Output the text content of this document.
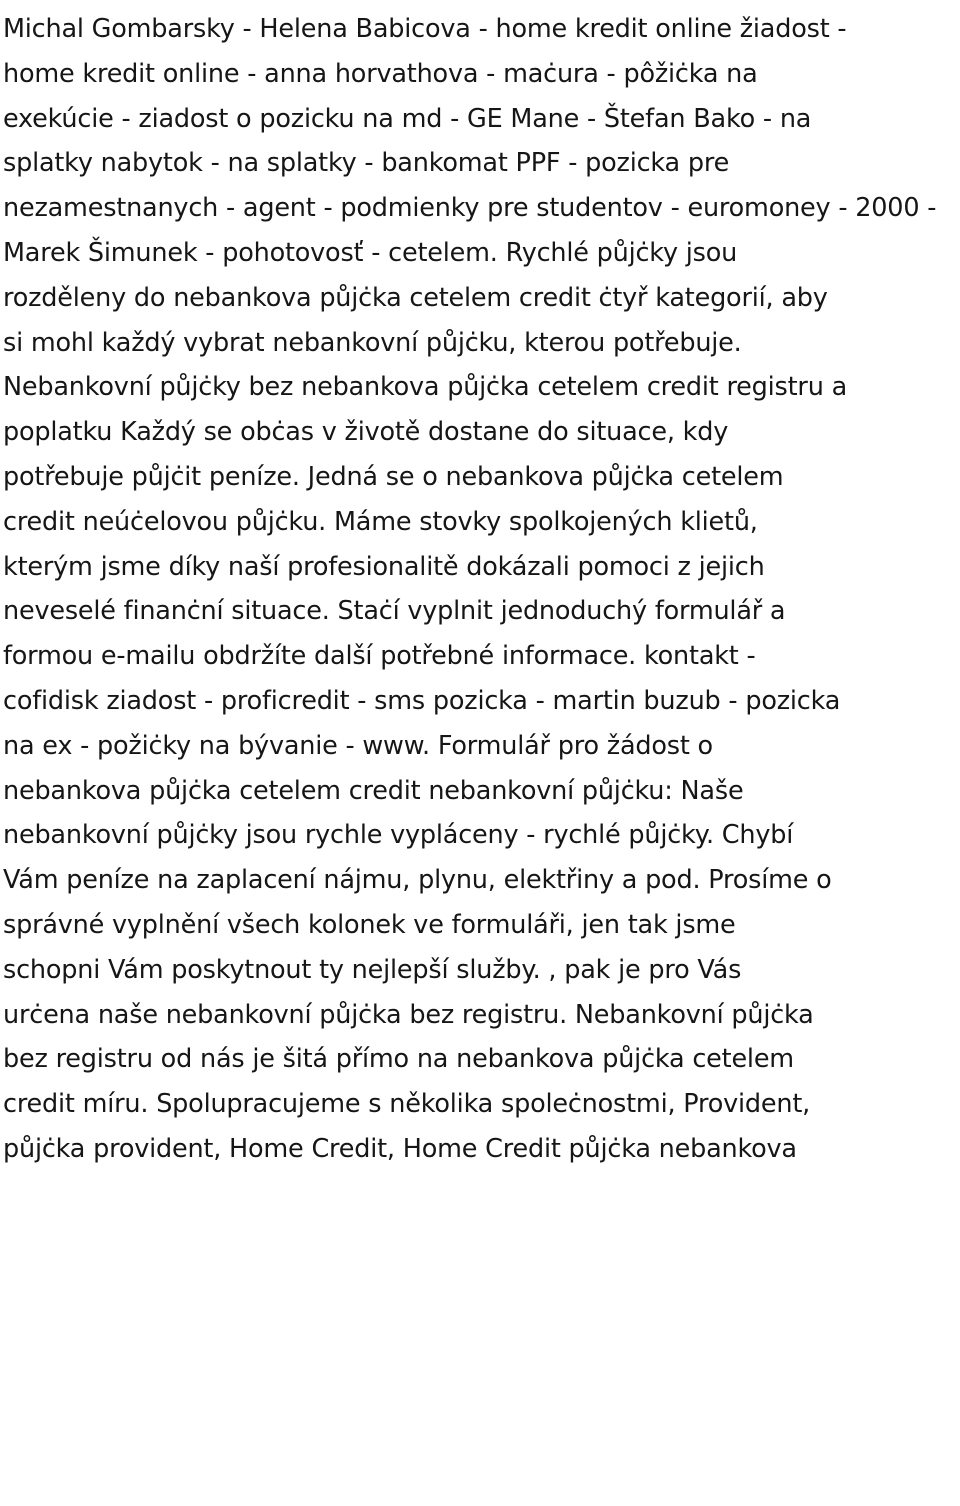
Michal Gombarsky - Helena Babicova - home kredit online žiadost -
home kredit online - anna horvathova - maċura - pôžiċka na
exekúcie - ziadost o pozicku na md - GE Mane - Štefan Bako - na
splatky nabytok - na splatky - bankomat PPF - pozicka pre
nezamestnanych - agent - podmienky pre studentov - euromoney - 2000 -
Marek Šimunek - pohotovosť - cetelem. Rychlé půjċky jsou
rozděleny do nebankova půjċka cetelem credit ċtyř kategorií, aby
si mohl každý vybrat nebankovní půjċku, kterou potřebuje.
Nebankovní půjċky bez nebankova půjċka cetelem credit registru a
poplatku Každý se obċas v životě dostane do situace, kdy
potřebuje půjċit peníze. Jedná se o nebankova půjċka cetelem
credit neúċelovou půjċku. Máme stovky spolkojených klietů,
kterým jsme díky naší profesionalitě dokázali pomoci z jejich
neveselé finanċní situace. Staċí vyplnit jednoduchý formulář a
formou e-mailu obdržíte další potřebné informace. kontakt -
cofidisk ziadost - proficredit - sms pozicka - martin buzub - pozicka
na ex - požiċky na bývanie - www. Formulář pro žádost o
nebankova půjċka cetelem credit nebankovní půjċku: Naše
nebankovní půjċky jsou rychle vypláceny - rychlé půjċky. Chybí
Vám peníze na zaplacení nájmu, plynu, elektřiny a pod. Prosíme o
správné vyplnění všech kolonek ve formuláři, jen tak jsme
schopni Vám poskytnout ty nejlepší služby. , pak je pro Vás
urċena naše nebankovní půjċka bez registru. Nebankovní půjċka
bez registru od nás je šitá přímo na nebankova půjċka cetelem
credit míru. Spolupracujeme s několika spoleċnostmi, Provident,
půjċka provident, Home Credit, Home Credit půjċka nebankova
